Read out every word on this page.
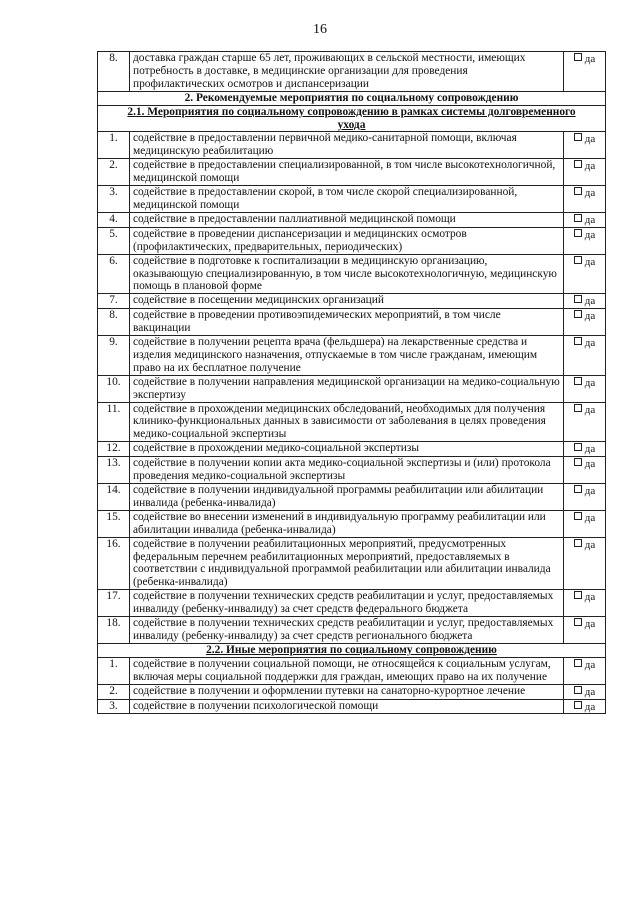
16
8.	доставка граждан старше 65 лет, проживающих в сельской местности, имеющих потребность в доставке, в медицинские организации для проведения профилактических осмотров и диспансеризации	да
2. Рекомендуемые мероприятия по социальному сопровождению		
2.1. Мероприятия по социальному сопровождению в рамках системы долговременного ухода		
1.	содействие в предоставлении первичной медико-санитарной помощи, включая медицинскую реабилитацию	да
2.	содействие в предоставлении специализированной, в том числе высокотехнологичной, медицинской помощи	да
3.	содействие в предоставлении скорой, в том числе скорой специализированной, медицинской помощи	да
4.	содействие в предоставлении паллиативной медицинской помощи	да
5.	содействие в проведении диспансеризации и медицинских осмотров (профилактических, предварительных, периодических)	да
6.	содействие в подготовке к госпитализации в медицинскую организацию, оказывающую специализированную, в том числе высокотехнологичную, медицинскую помощь в плановой форме	да
7.	содействие в посещении медицинских организаций	да
8.	содействие в проведении противоэпидемических мероприятий, в том числе вакцинации	да
9.	содействие в получении рецепта врача (фельдшера) на лекарственные средства и изделия медицинского назначения, отпускаемые в том числе гражданам, имеющим право на их бесплатное получение	да
10.	содействие в получении направления медицинской организации на медико-социальную экспертизу	да
11.	содействие в прохождении медицинских обследований, необходимых для получения клинико-функциональных данных в зависимости от заболевания в целях проведения медико-социальной экспертизы	да
12.	содействие в прохождении медико-социальной экспертизы	да
13.	содействие в получении копии акта медико-социальной экспертизы и (или) протокола проведения медико-социальной экспертизы	да
14.	содействие в получении индивидуальной программы реабилитации или абилитации инвалида (ребенка-инвалида)	да
15.	содействие во внесении изменений в индивидуальную программу реабилитации или абилитации инвалида (ребенка-инвалида)	да
16.	содействие в получении реабилитационных мероприятий, предусмотренных федеральным перечнем реабилитационных мероприятий, предоставляемых в соответствии с индивидуальной программой реабилитации или абилитации инвалида (ребенка-инвалида)	да
17.	содействие в получении технических средств реабилитации и услуг, предоставляемых инвалиду (ребенку-инвалиду) за счет средств федерального бюджета	да
18.	содействие в получении технических средств реабилитации и услуг, предоставляемых инвалиду (ребенку-инвалиду) за счет средств регионального бюджета	да
2.2. Иные мероприятия по социальному сопровождению		
1.	содействие в получении социальной помощи, не относящейся к социальным услугам, включая меры социальной поддержки для граждан, имеющих право на их получение	да
2.	содействие в получении и оформлении путевки на санаторно-курортное лечение	да
3.	содействие в получении психологической помощи	да
